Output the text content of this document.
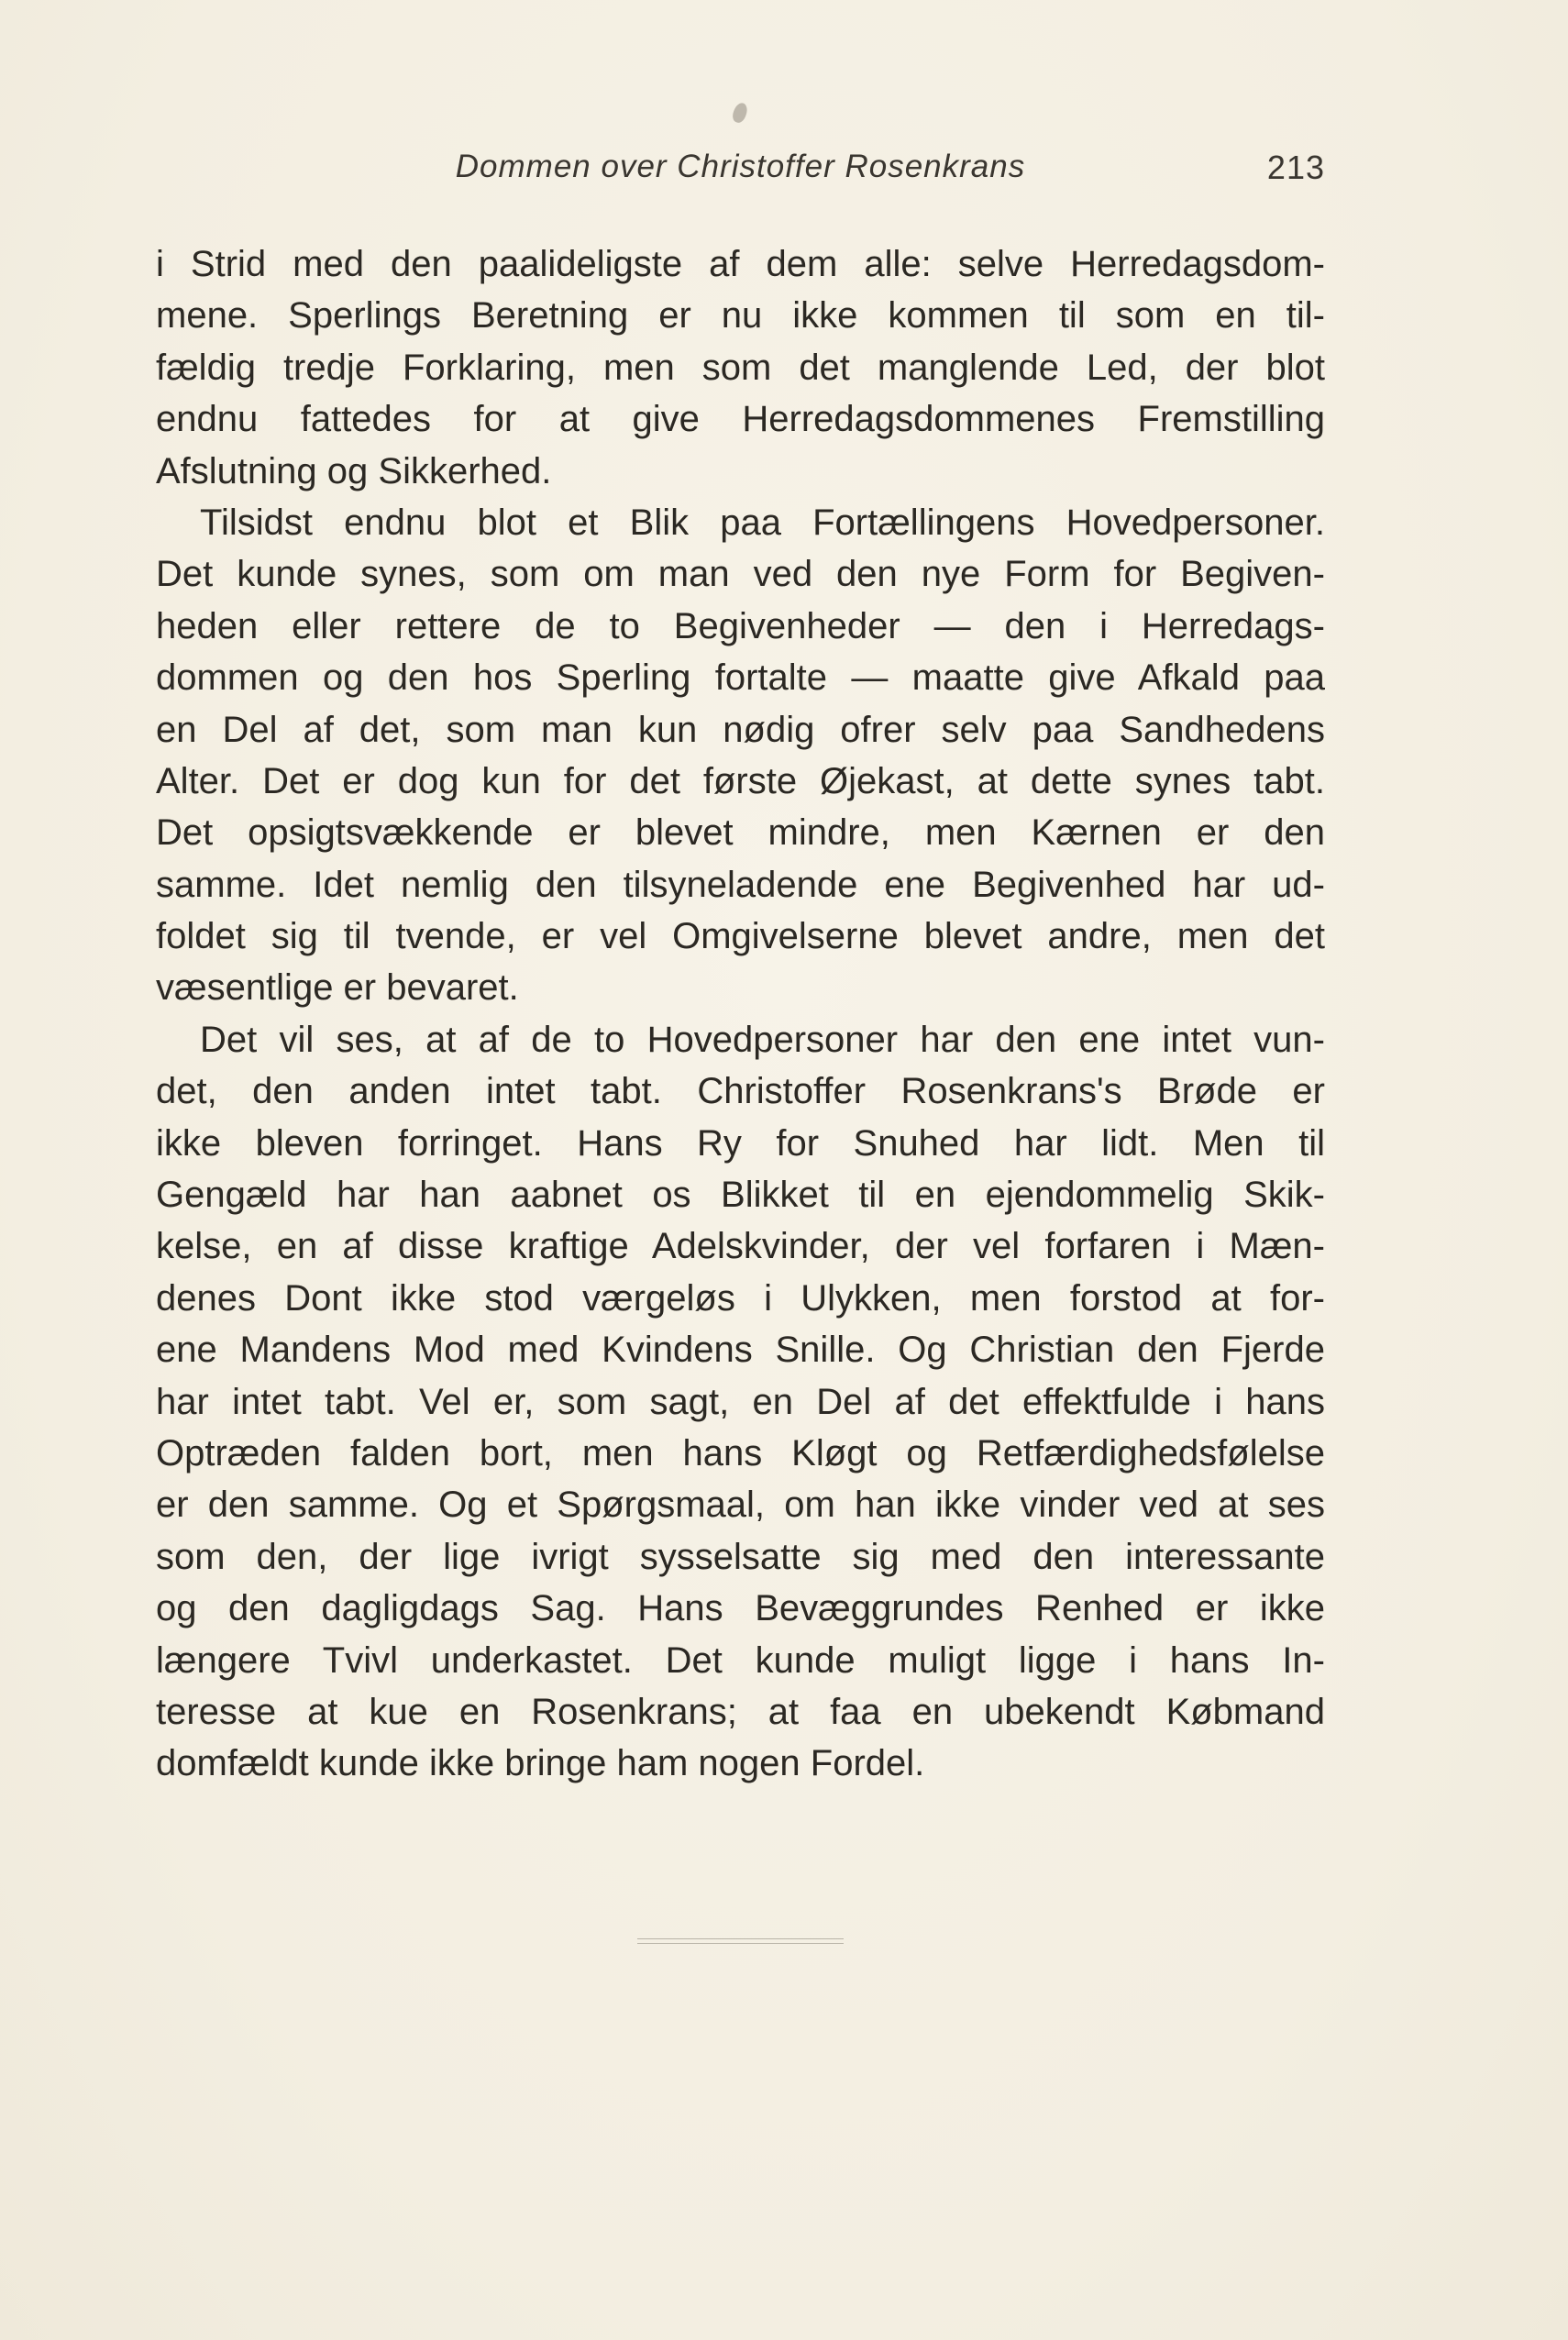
Dommen over Christoffer Rosenkrans	213
i Strid med den paalideligste af dem alle: selve Herredagsdom-
mene. Sperlings Beretning er nu ikke kommen til som en til-
fældig tredje Forklaring, men som det manglende Led, der blot
endnu fattedes for at give Herredagsdommenes Fremstilling
Afslutning og Sikkerhed.
Tilsidst endnu blot et Blik paa Fortællingens Hovedpersoner.
Det kunde synes, som om man ved den nye Form for Begiven-
heden eller rettere de to Begivenheder — den i Herredags-
dommen og den hos Sperling fortalte — maatte give Afkald paa
en Del af det, som man kun nødig ofrer selv paa Sandhedens
Alter. Det er dog kun for det første Øjekast, at dette synes tabt.
Det opsigtsvækkende er blevet mindre, men Kærnen er den
samme. Idet nemlig den tilsyneladende ene Begivenhed har ud-
foldet sig til tvende, er vel Omgivelserne blevet andre, men det
væsentlige er bevaret.
Det vil ses, at af de to Hovedpersoner har den ene intet vun-
det, den anden intet tabt. Christoffer Rosenkrans's Brøde er
ikke bleven forringet. Hans Ry for Snuhed har lidt. Men til
Gengæld har han aabnet os Blikket til en ejendommelig Skik-
kelse, en af disse kraftige Adelskvinder, der vel forfaren i Mæn-
denes Dont ikke stod værgeløs i Ulykken, men forstod at for-
ene Mandens Mod med Kvindens Snille. Og Christian den Fjerde
har intet tabt. Vel er, som sagt, en Del af det effektfulde i hans
Optræden falden bort, men hans Kløgt og Retfærdighedsfølelse
er den samme. Og et Spørgsmaal, om han ikke vinder ved at ses
som den, der lige ivrigt sysselsatte sig med den interessante
og den dagligdags Sag. Hans Bevæggrundes Renhed er ikke
længere Tvivl underkastet. Det kunde muligt ligge i hans In-
teresse at kue en Rosenkrans; at faa en ubekendt Købmand
domfældt kunde ikke bringe ham nogen Fordel.
